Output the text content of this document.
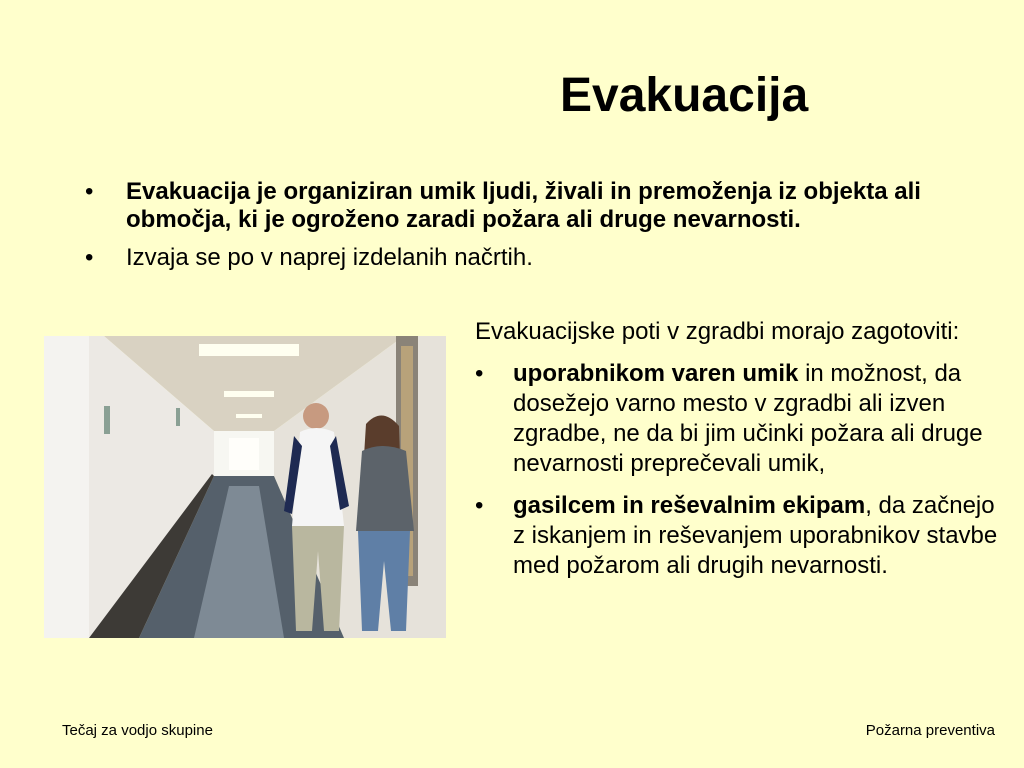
Evakuacija
• Evakuacija je organiziran umik ljudi, živali in premoženja iz objekta ali območja, ki je ogroženo zaradi požara ali druge nevarnosti.
• Izvaja se po v naprej izdelanih načrtih.

Evakuacijske poti v zgradbi morajo zagotoviti:

• uporabnikom varen umik in možnost, da dosežejo varno mesto v zgradbi ali izven zgradbe, ne da bi jim učinki požara ali druge nevarnosti preprečevali umik,
• gasilcem in reševalnim ekipam, da začnejo z iskanjem in reševanjem uporabnikov stavbe med požarom ali drugih nevarnosti.
Tečaj za vodjo skupine	Požarna preventiva
